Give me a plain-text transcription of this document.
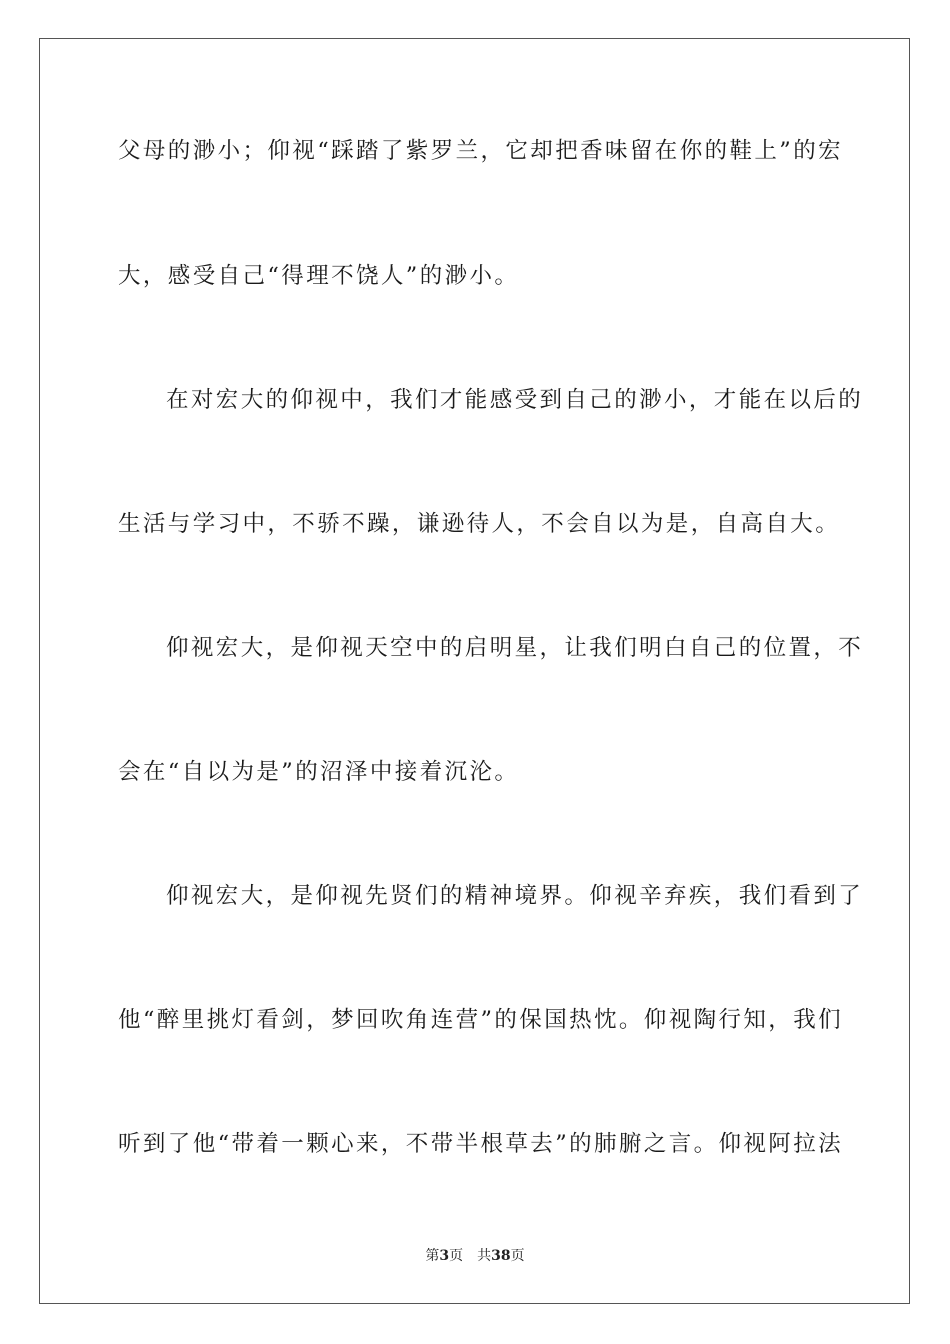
父母的渺小；仰视“踩踏了紫罗兰，它却把香味留在你的鞋上”的宏

大，感受自己“得理不饶人”的渺小。

在对宏大的仰视中，我们才能感受到自己的渺小，才能在以后的

生活与学习中，不骄不躁，谦逊待人，不会自以为是，自高自大。

仰视宏大，是仰视天空中的启明星，让我们明白自己的位置，不

会在“自以为是”的沼泽中接着沉沦。

仰视宏大，是仰视先贤们的精神境界。仰视辛弃疾，我们看到了

他“醉里挑灯看剑，梦回吹角连营”的保国热忱。仰视陶行知，我们

听到了他“带着一颗心来，不带半根草去”的肺腑之言。仰视阿拉法

第3页 共38页
